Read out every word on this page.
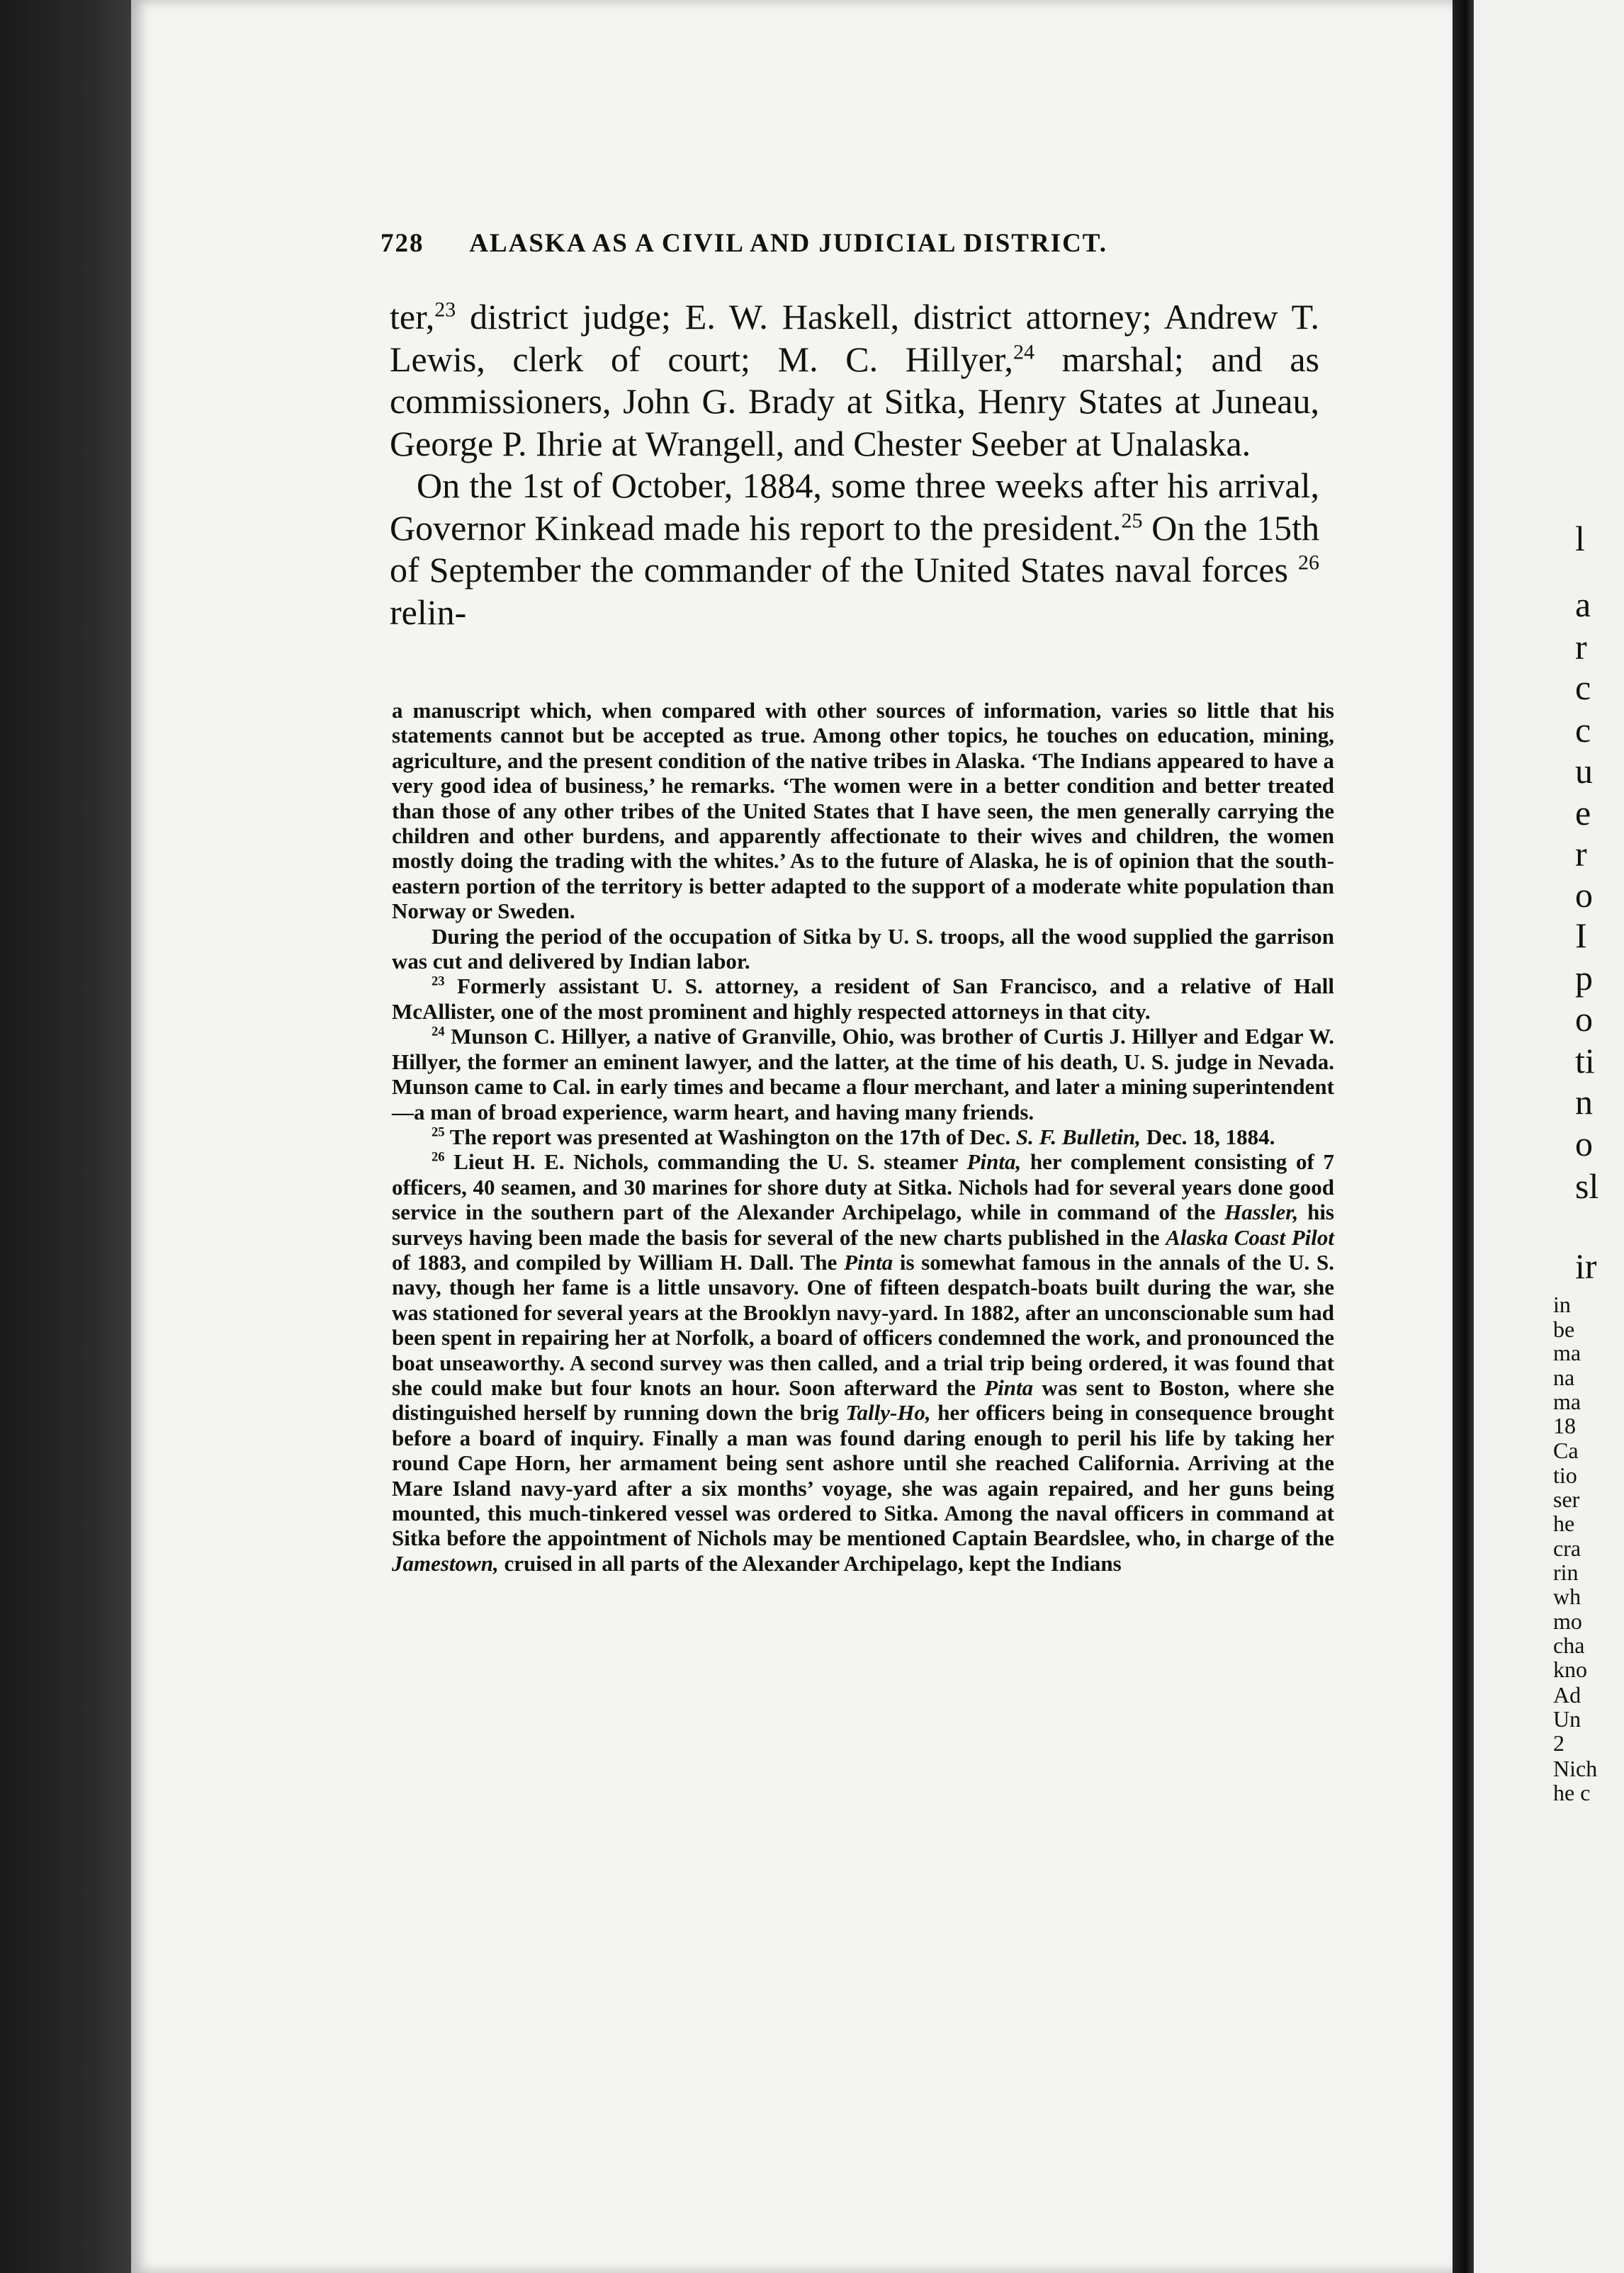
l
a
r
c
c
u
e
r
o
I
p
o
ti
n
o
sl
ir
in
be
ma
na
ma
18
Ca
tio
ser
he
cra
rin
wh
mo
cha
kno
Ad
Un
2
Nich
he c
728 ALASKA AS A CIVIL AND JUDICIAL DISTRICT.

ter,$^{23}$ district judge; E. W. Haskell, district attorney; Andrew T. Lewis, clerk of court; M. C. Hillyer,$^{24}$ marshal; and as commissioners, John G. Brady at Sitka, Henry States at Juneau, George P. Ihrie at Wrangell, and Chester Seeber at Unalaska.

On the 1st of October, 1884, some three weeks after his arrival, Governor Kinkead made his report to the president.$^{25}$ On the 15th of September the commander of the United States naval forces $^{26}$ relin-

a manuscript which, when compared with other sources of information, varies so little that his statements cannot but be accepted as true. Among other topics, he touches on education, mining, agriculture, and the present condition of the native tribes in Alaska. ‘The Indians appeared to have a very good idea of business,’ he remarks. ‘The women were in a better condition and better treated than those of any other tribes of the United States that I have seen, the men generally carrying the children and other burdens, and apparently affectionate to their wives and children, the women mostly doing the trading with the whites.’ As to the future of Alaska, he is of opinion that the south-eastern portion of the territory is better adapted to the support of a moderate white population than Norway or Sweden.

During the period of the occupation of Sitka by U. S. troops, all the wood supplied the garrison was cut and delivered by Indian labor.

$^{23}$ Formerly assistant U. S. attorney, a resident of San Francisco, and a relative of Hall McAllister, one of the most prominent and highly respected attorneys in that city.

$^{24}$ Munson C. Hillyer, a native of Granville, Ohio, was brother of Curtis J. Hillyer and Edgar W. Hillyer, the former an eminent lawyer, and the latter, at the time of his death, U. S. judge in Nevada. Munson came to Cal. in early times and became a flour merchant, and later a mining superintendent—a man of broad experience, warm heart, and having many friends.

$^{25}$ The report was presented at Washington on the 17th of Dec. S. F. Bulletin, Dec. 18, 1884.

$^{26}$ Lieut H. E. Nichols, commanding the U. S. steamer Pinta, her complement consisting of 7 officers, 40 seamen, and 30 marines for shore duty at Sitka. Nichols had for several years done good service in the southern part of the Alexander Archipelago, while in command of the Hassler, his surveys having been made the basis for several of the new charts published in the Alaska Coast Pilot of 1883, and compiled by William H. Dall. The Pinta is somewhat famous in the annals of the U. S. navy, though her fame is a little unsavory. One of fifteen despatch-boats built during the war, she was stationed for several years at the Brooklyn navy-yard. In 1882, after an unconscionable sum had been spent in repairing her at Norfolk, a board of officers condemned the work, and pronounced the boat unseaworthy. A second survey was then called, and a trial trip being ordered, it was found that she could make but four knots an hour. Soon afterward the Pinta was sent to Boston, where she distinguished herself by running down the brig Tally-Ho, her officers being in consequence brought before a board of inquiry. Finally a man was found daring enough to peril his life by taking her round Cape Horn, her armament being sent ashore until she reached California. Arriving at the Mare Island navy-yard after a six months’ voyage, she was again repaired, and her guns being mounted, this much-tinkered vessel was ordered to Sitka. Among the naval officers in command at Sitka before the appointment of Nichols may be mentioned Captain Beardslee, who, in charge of the Jamestown, cruised in all parts of the Alexander Archipelago, kept the Indians
